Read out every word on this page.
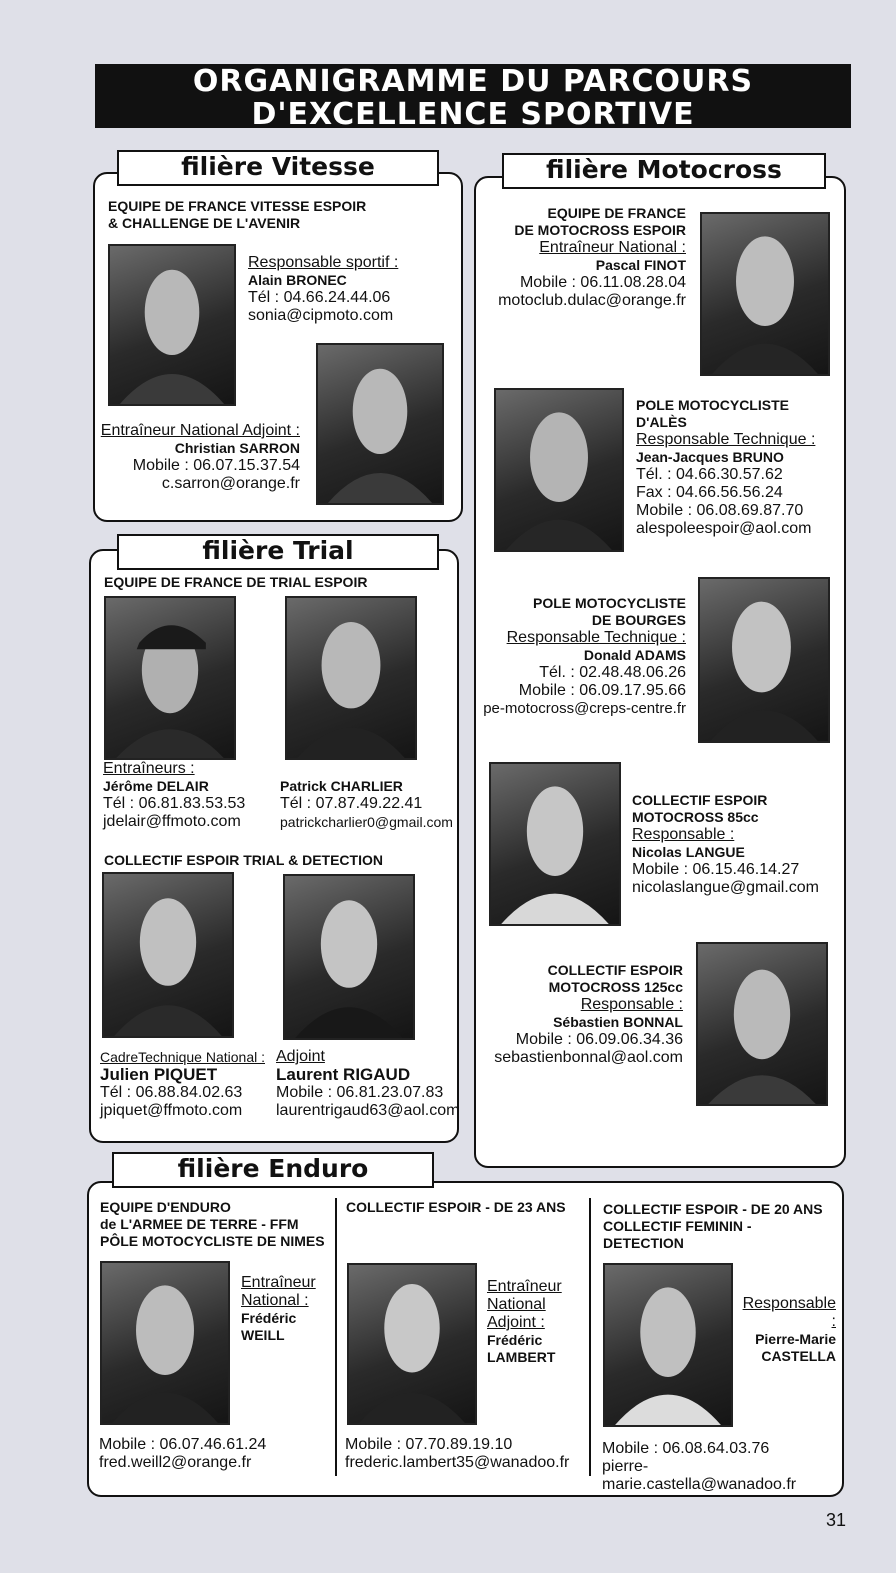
ORGANIGRAMME DU PARCOURS
D'EXCELLENCE SPORTIVE
filière Vitesse
EQUIPE DE FRANCE VITESSE ESPOIR
& CHALLENGE DE L'AVENIR
Responsable sportif :
Alain BRONEC
Tél : 04.66.24.44.06
sonia@cipmoto.com
Entraîneur National Adjoint :
Christian SARRON
Mobile : 06.07.15.37.54
c.sarron@orange.fr
filière Trial
EQUIPE DE FRANCE DE TRIAL ESPOIR
Entraîneurs :
Jérôme DELAIR
Tél : 06.81.83.53.53
jdelair@ffmoto.com
Patrick CHARLIER
Tél : 07.87.49.22.41
patrickcharlier0@gmail.com
COLLECTIF ESPOIR TRIAL & DETECTION
CadreTechnique National :
Julien PIQUET
Tél : 06.88.84.02.63
jpiquet@ffmoto.com
Adjoint
Laurent RIGAUD
Mobile : 06.81.23.07.83
laurentrigaud63@aol.com
filière Motocross
EQUIPE DE FRANCE
DE MOTOCROSS ESPOIR
Entraîneur National :
Pascal FINOT
Mobile : 06.11.08.28.04
motoclub.dulac@orange.fr
POLE MOTOCYCLISTE
D'ALÈS
Responsable Technique :
Jean-Jacques BRUNO
Tél. : 04.66.30.57.62
Fax : 04.66.56.56.24
Mobile : 06.08.69.87.70
alespoleespoir@aol.com
POLE MOTOCYCLISTE
DE BOURGES
Responsable Technique :
Donald ADAMS
Tél. : 02.48.48.06.26
Mobile : 06.09.17.95.66
pe-motocross@creps-centre.fr
COLLECTIF ESPOIR
MOTOCROSS 85cc
Responsable :
Nicolas LANGUE
Mobile : 06.15.46.14.27
nicolaslangue@gmail.com
COLLECTIF ESPOIR
MOTOCROSS 125cc
Responsable :
Sébastien BONNAL
Mobile : 06.09.06.34.36
sebastienbonnal@aol.com
filière Enduro
EQUIPE D'ENDURO
de L'ARMEE DE TERRE - FFM
PÔLE MOTOCYCLISTE DE NIMES
Entraîneur
National :
Frédéric
WEILL
Mobile : 06.07.46.61.24
fred.weill2@orange.fr
COLLECTIF ESPOIR - DE 23 ANS
Entraîneur
National
Adjoint :
Frédéric
LAMBERT
Mobile : 07.70.89.19.10
frederic.lambert35@wanadoo.fr
COLLECTIF ESPOIR - DE 20 ANS
COLLECTIF FEMININ - DETECTION
Responsable :
Pierre-Marie
CASTELLA
Mobile : 06.08.64.03.76
pierre-marie.castella@wanadoo.fr
31
